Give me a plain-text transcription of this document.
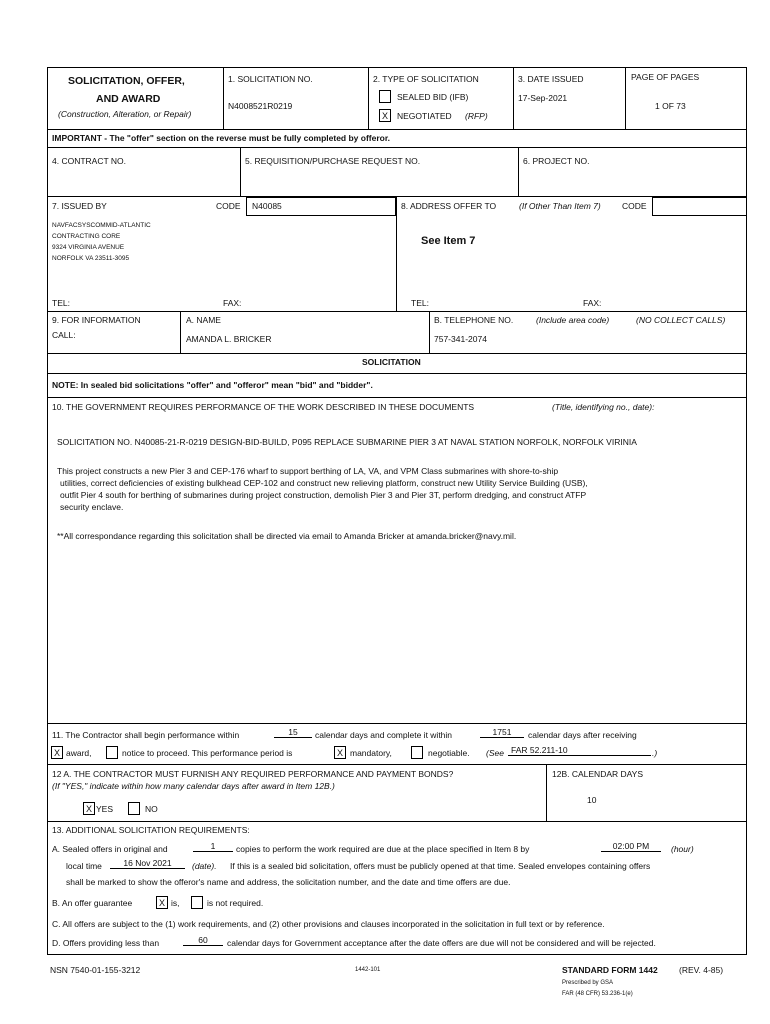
SOLICITATION, OFFER,
AND AWARD
(Construction, Alteration, or Repair)
1. SOLICITATION NO.
N4008521R0219
2. TYPE OF SOLICITATION
SEALED BID (IFB)
X	NEGOTIATED (RFP)
3. DATE ISSUED
17-Sep-2021
PAGE OF PAGES
1 OF 73
IMPORTANT - The "offer" section on the reverse must be fully completed by offeror.
4. CONTRACT NO.	5. REQUISITION/PURCHASE REQUEST NO.	6. PROJECT NO.
7. ISSUED BY	CODE N40085
NAVFACSYSCOMMID-ATLANTIC
CONTRACTING CORE
9324 VIRGINIA AVENUE
NORFOLK VA 23511-3095
8. ADDRESS OFFER TO	(If Other Than Item 7)	CODE
See Item 7
TEL:	FAX:	TEL:	FAX:
9. FOR INFORMATION
CALL:
A. NAME
AMANDA L. BRICKER
B. TELEPHONE NO.	(Include area code)	(NO COLLECT CALLS)
757-341-2074
SOLICITATION
NOTE: In sealed bid solicitations "offer" and "offeror" mean "bid" and "bidder".
10. THE GOVERNMENT REQUIRES PERFORMANCE OF THE WORK DESCRIBED IN THESE DOCUMENTS	(Title, identifying no., date):
SOLICITATION NO. N40085-21-R-0219 DESIGN-BID-BUILD, P095 REPLACE SUBMARINE PIER 3 AT NAVAL STATION NORFOLK, NORFOLK VIRINIA
This project constructs a new Pier 3 and CEP-176 wharf to support berthing of LA, VA, and VPM Class submarines with shore-to-ship
utilities, correct deficiencies of existing bulkhead CEP-102 and construct new relieving platform, construct new Utility Service Building (USB),
outfit Pier 4 south for berthing of submarines during project construction, demolish Pier 3 and Pier 3T, perform dredging, and construct ATFP
security enclave.
**All correspondance regarding this solicitation shall be directed via email to Amanda Bricker at amanda.bricker@navy.mil.
11. The Contractor shall begin performance within	15	calendar days and complete it within	1751	calendar days after receiving
X award,	notice to proceed. This performance period is	X mandatory,	negotiable. (See FAR 52.211-10	.)
12 A. THE CONTRACTOR MUST FURNISH ANY REQUIRED PERFORMANCE AND PAYMENT BONDS?
(If "YES," indicate within how many calendar days after award in Item 12B.)
X YES	NO
12B. CALENDAR DAYS
10
13. ADDITIONAL SOLICITATION REQUIREMENTS:
A. Sealed offers in original and	1	copies to perform the work required are due at the place specified in Item 8 by	02:00 PM	(hour)
local time	16 Nov 2021	(date). If this is a sealed bid solicitation, offers must be publicly opened at that time. Sealed envelopes containing offers
shall be marked to show the offeror's name and address, the solicitation number, and the date and time offers are due.
B. An offer guarantee	X is,	is not required.
C. All offers are subject to the (1) work requirements, and (2) other provisions and clauses incorporated in the solicitation in full text or by reference.
D. Offers providing less than	60	calendar days for Government acceptance after the date offers are due will not be considered and will be rejected.
NSN 7540-01-155-3212	1442-101	STANDARD FORM 1442	(REV. 4-85)
Prescribed by GSA
FAR (48 CFR) 53.236-1(e)
